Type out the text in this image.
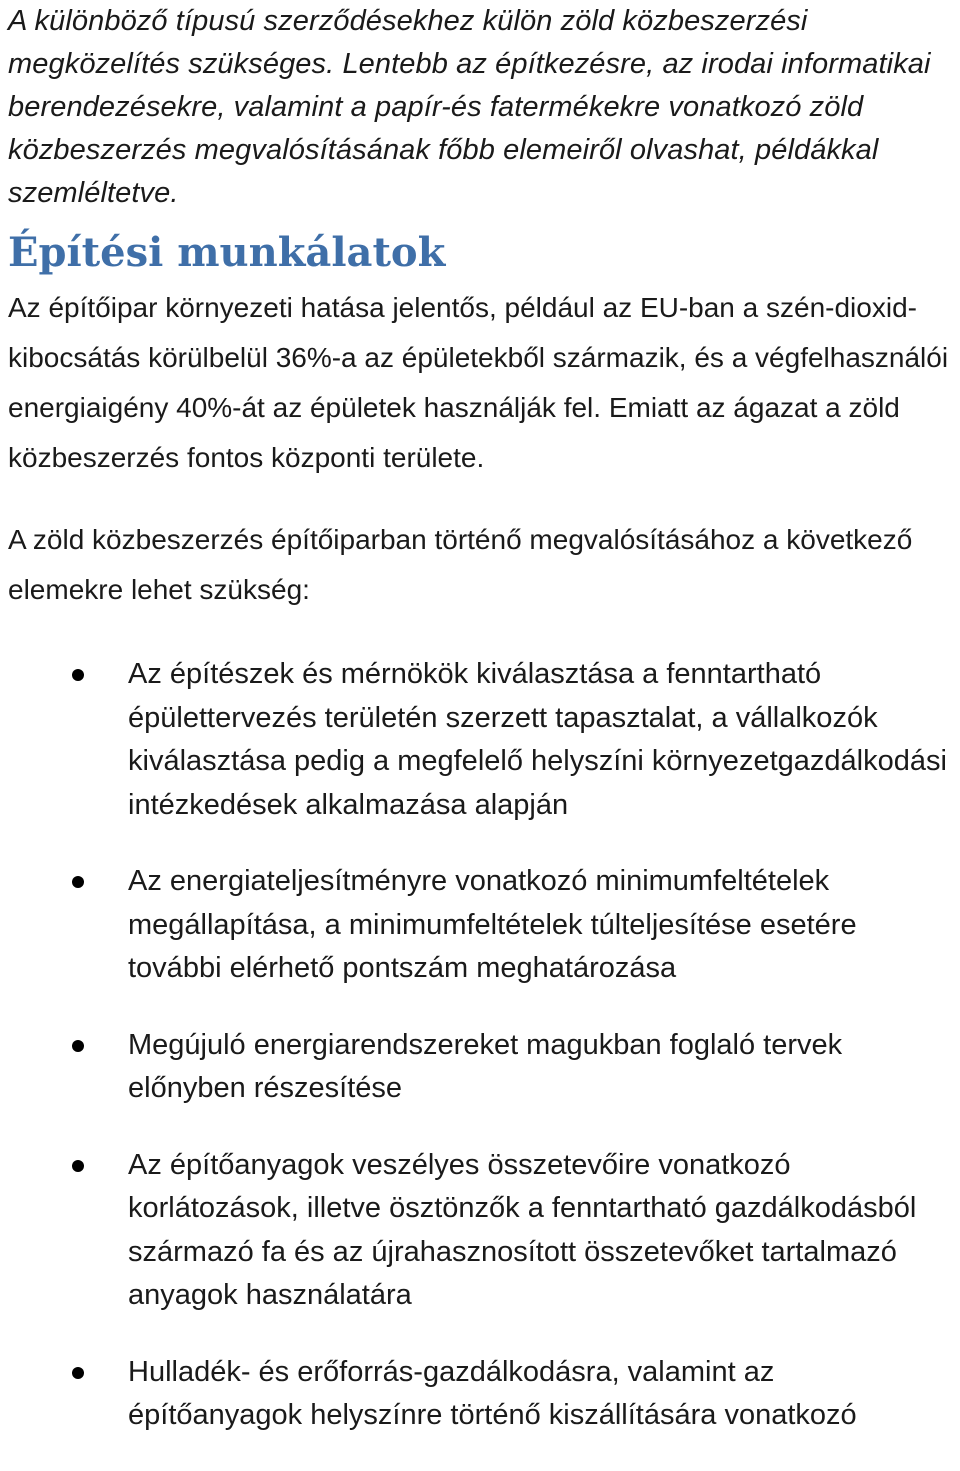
A különböző típusú szerződésekhez külön zöld közbeszerzési megközelítés szükséges. Lentebb az építkezésre, az irodai informatikai berendezésekre, valamint a papír-és fatermékekre vonatkozó zöld közbeszerzés megvalósításának főbb elemeiről olvashat, példákkal szemléltetve.

Építési munkálatok

Az építőipar környezeti hatása jelentős, például az EU-ban a szén-dioxid-kibocsátás körülbelül 36%-a az épületekből származik, és a végfelhasználói energiaigény 40%-át az épületek használják fel. Emiatt az ágazat a zöld közbeszerzés fontos központi területe.

A zöld közbeszerzés építőiparban történő megvalósításához a következő elemekre lehet szükség:

Az építészek és mérnökök kiválasztása a fenntartható épülettervezés területén szerzett tapasztalat, a vállalkozók kiválasztása pedig a megfelelő helyszíni környezetgazdálkodási intézkedések alkalmazása alapján
Az energiateljesítményre vonatkozó minimumfeltételek megállapítása, a minimumfeltételek túlteljesítése esetére további elérhető pontszám meghatározása
Megújuló energiarendszereket magukban foglaló tervek előnyben részesítése
Az építőanyagok veszélyes összetevőire vonatkozó korlátozások, illetve ösztönzők a fenntartható gazdálkodásból származó fa és az újrahasznosított összetevőket tartalmazó anyagok használatára
Hulladék- és erőforrás-gazdálkodásra, valamint az építőanyagok helyszínre történő kiszállítására vonatkozó
